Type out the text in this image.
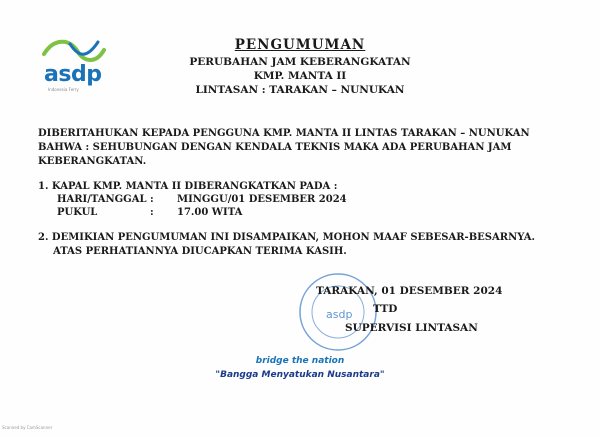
asdp
Indonesia Ferry
PENGUMUMAN
PERUBAHAN JAM KEBERANGKATAN
KMP. MANTA II
LINTASAN : TARAKAN – NUNUKAN
DIBERITAHUKAN KEPADA PENGGUNA KMP. MANTA II LINTAS TARAKAN – NUNUKAN
BAHWA : SEHUBUNGAN DENGAN KENDALA TEKNIS MAKA ADA PERUBAHAN JAM
KEBERANGKATAN.
1. KAPAL KMP. MANTA II DIBERANGKATKAN PADA :
HARI/TANGGAL : MINGGU/01 DESEMBER 2024
PUKUL	: 17.00 WITA
2. DEMIKIAN PENGUMUMAN INI DISAMPAIKAN, MOHON MAAF SEBESAR-BESARNYA.
ATAS PERHATIANNYA DIUCAPKAN TERIMA KASIH.
asdp
TARAKAN, 01 DESEMBER 2024
TTD
SUPERVISI LINTASAN
bridge the nation
"Bangga Menyatukan Nusantara"
Scanned by CamScanner
